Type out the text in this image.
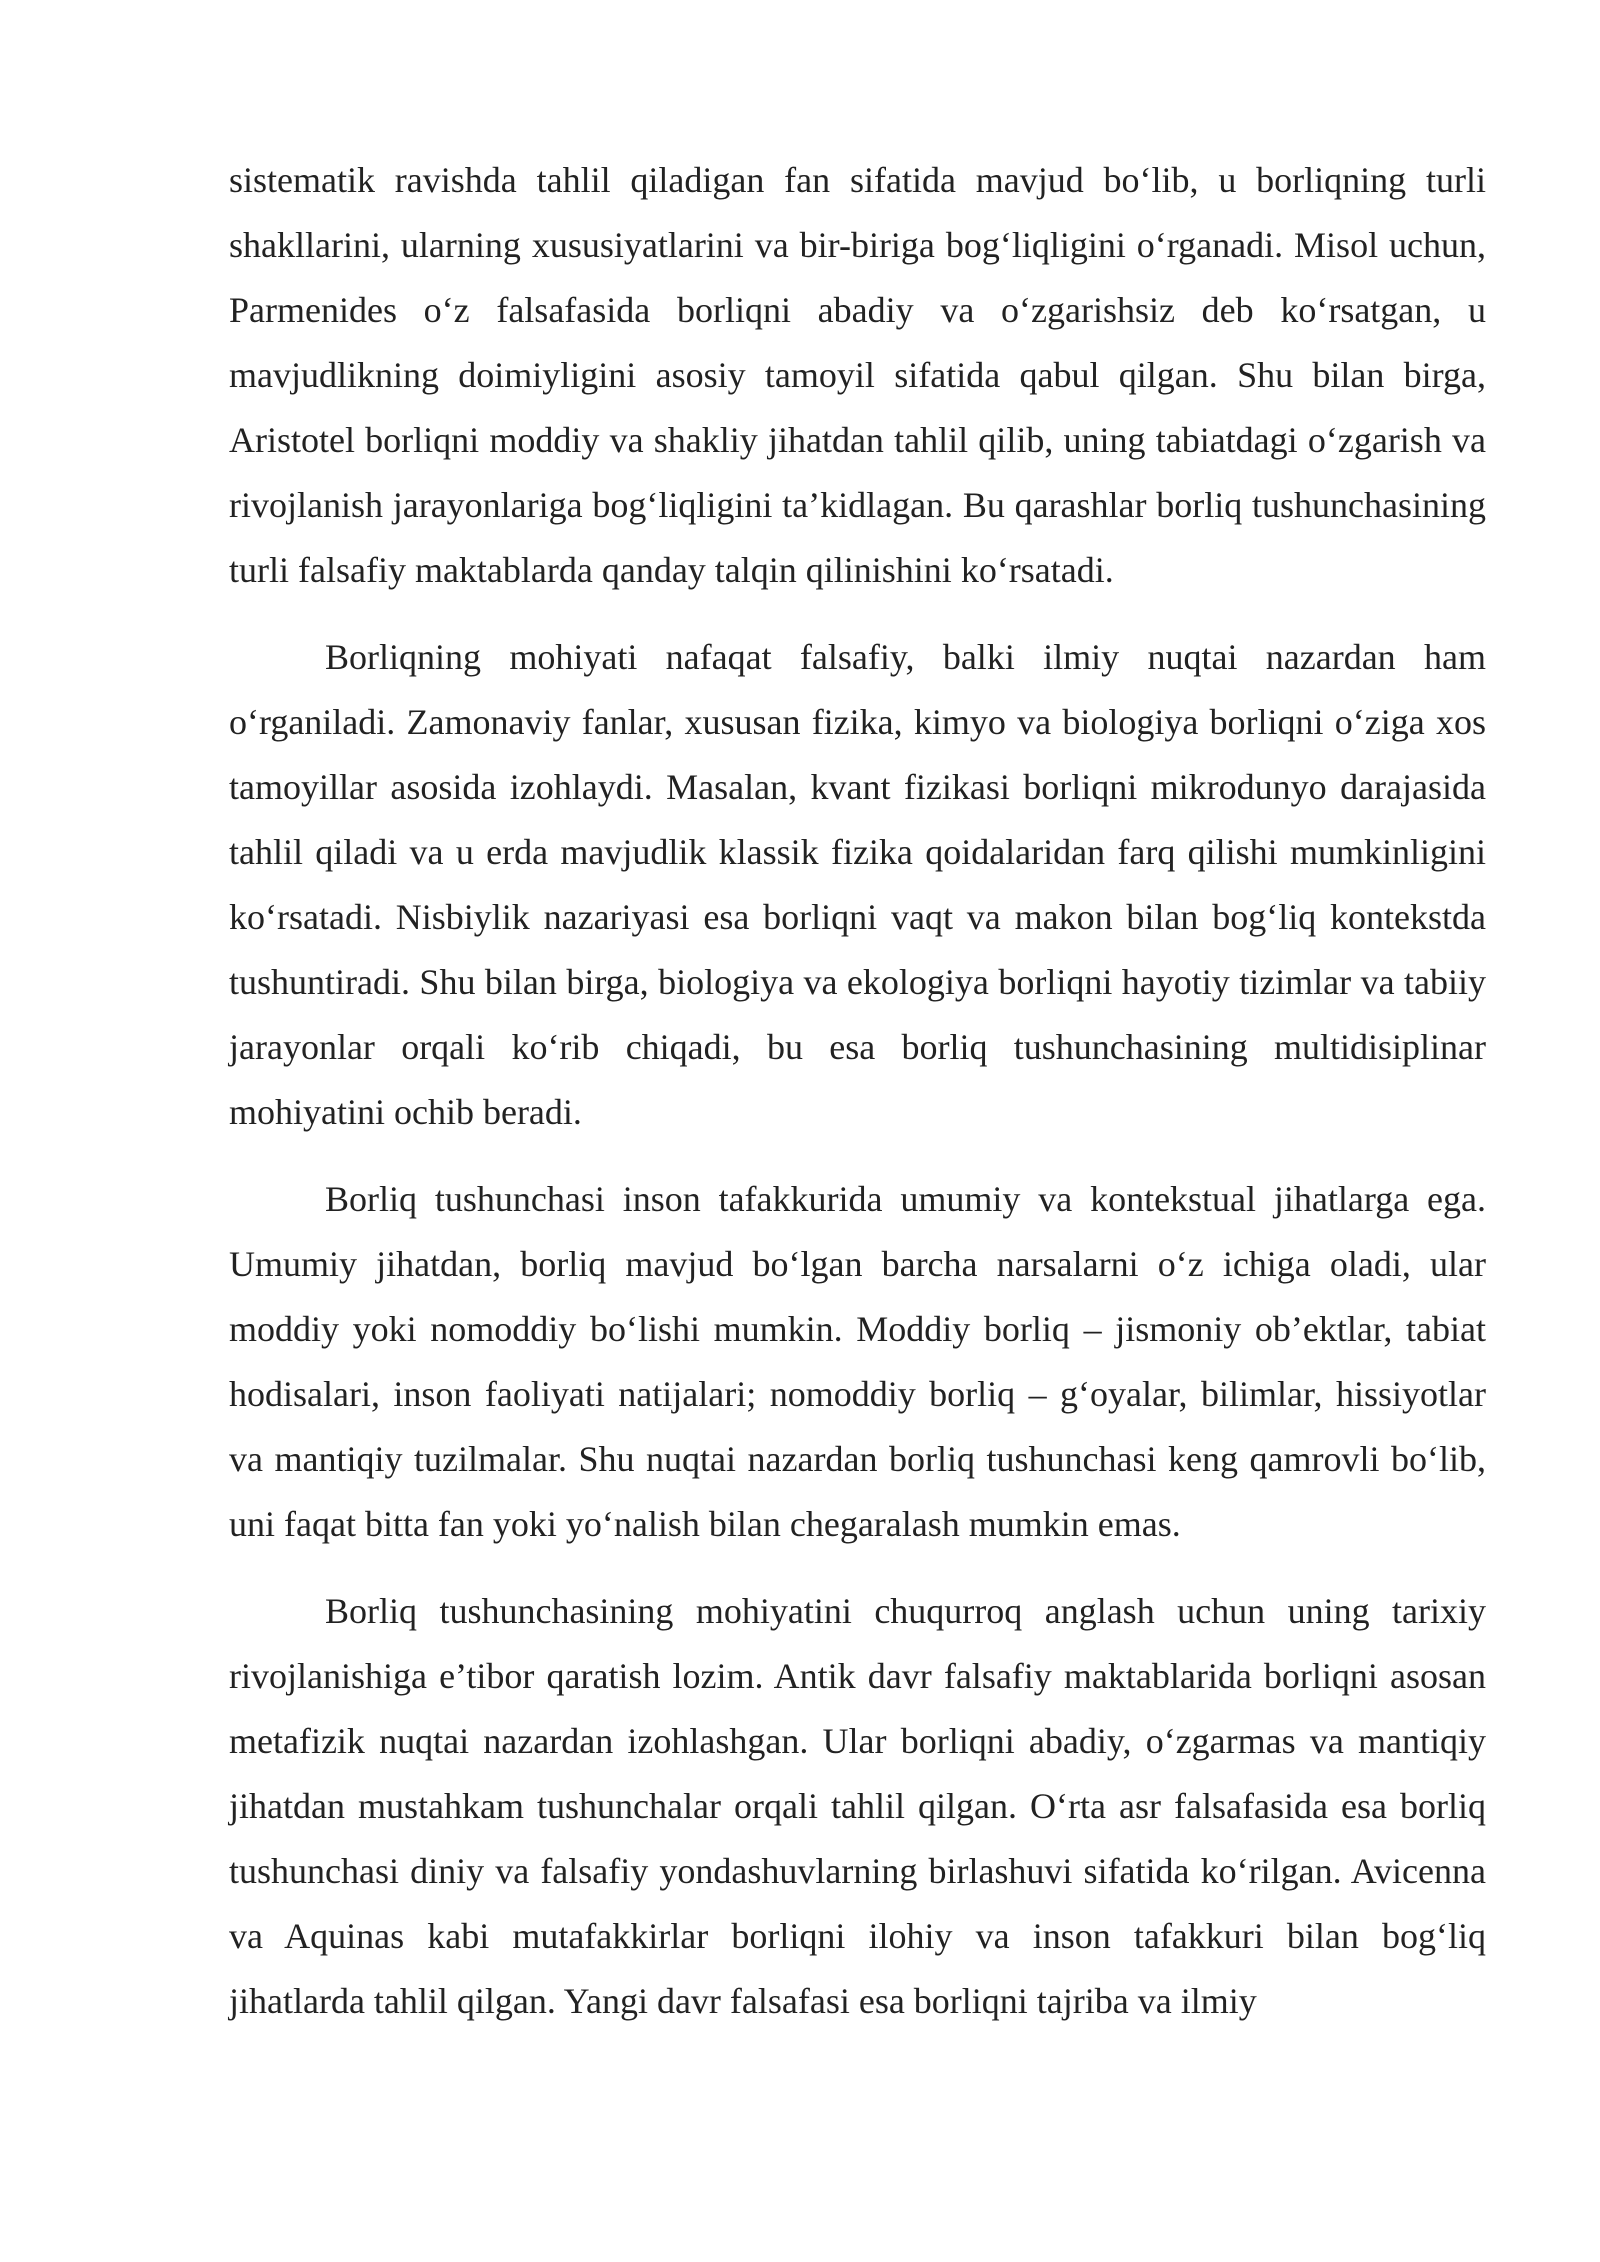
sistematik ravishda tahlil qiladigan fan sifatida mavjud bo‘lib, u borliqning turli shakllarini, ularning xususiyatlarini va bir-biriga bog‘liqligini o‘rganadi. Misol uchun, Parmenides o‘z falsafasida borliqni abadiy va o‘zgarishsiz deb ko‘rsatgan, u mavjudlikning doimiyligini asosiy tamoyil sifatida qabul qilgan. Shu bilan birga, Aristotel borliqni moddiy va shakliy jihatdan tahlil qilib, uning tabiatdagi o‘zgarish va rivojlanish jarayonlariga bog‘liqligini ta’kidlagan. Bu qarashlar borliq tushunchasining turli falsafiy maktablarda qanday talqin qilinishini ko‘rsatadi.

Borliqning mohiyati nafaqat falsafiy, balki ilmiy nuqtai nazardan ham o‘rganiladi. Zamonaviy fanlar, xususan fizika, kimyo va biologiya borliqni o‘ziga xos tamoyillar asosida izohlaydi. Masalan, kvant fizikasi borliqni mikrodunyo darajasida tahlil qiladi va u erda mavjudlik klassik fizika qoidalaridan farq qilishi mumkinligini ko‘rsatadi. Nisbiylik nazariyasi esa borliqni vaqt va makon bilan bog‘liq kontekstda tushuntiradi. Shu bilan birga, biologiya va ekologiya borliqni hayotiy tizimlar va tabiiy jarayonlar orqali ko‘rib chiqadi, bu esa borliq tushunchasining multidisiplinar mohiyatini ochib beradi.

Borliq tushunchasi inson tafakkurida umumiy va kontekstual jihatlarga ega. Umumiy jihatdan, borliq mavjud bo‘lgan barcha narsalarni o‘z ichiga oladi, ular moddiy yoki nomoddiy bo‘lishi mumkin. Moddiy borliq – jismoniy ob’ektlar, tabiat hodisalari, inson faoliyati natijalari; nomoddiy borliq – g‘oyalar, bilimlar, hissiyotlar va mantiqiy tuzilmalar. Shu nuqtai nazardan borliq tushunchasi keng qamrovli bo‘lib, uni faqat bitta fan yoki yo‘nalish bilan chegaralash mumkin emas.

Borliq tushunchasining mohiyatini chuqurroq anglash uchun uning tarixiy rivojlanishiga e’tibor qaratish lozim. Antik davr falsafiy maktablarida borliqni asosan metafizik nuqtai nazardan izohlashgan. Ular borliqni abadiy, o‘zgarmas va mantiqiy jihatdan mustahkam tushunchalar orqali tahlil qilgan. O‘rta asr falsafasida esa borliq tushunchasi diniy va falsafiy yondashuvlarning birlashuvi sifatida ko‘rilgan. Avicenna va Aquinas kabi mutafakkirlar borliqni ilohiy va inson tafakkuri bilan bog‘liq jihatlarda tahlil qilgan. Yangi davr falsafasi esa borliqni tajriba va ilmiy
